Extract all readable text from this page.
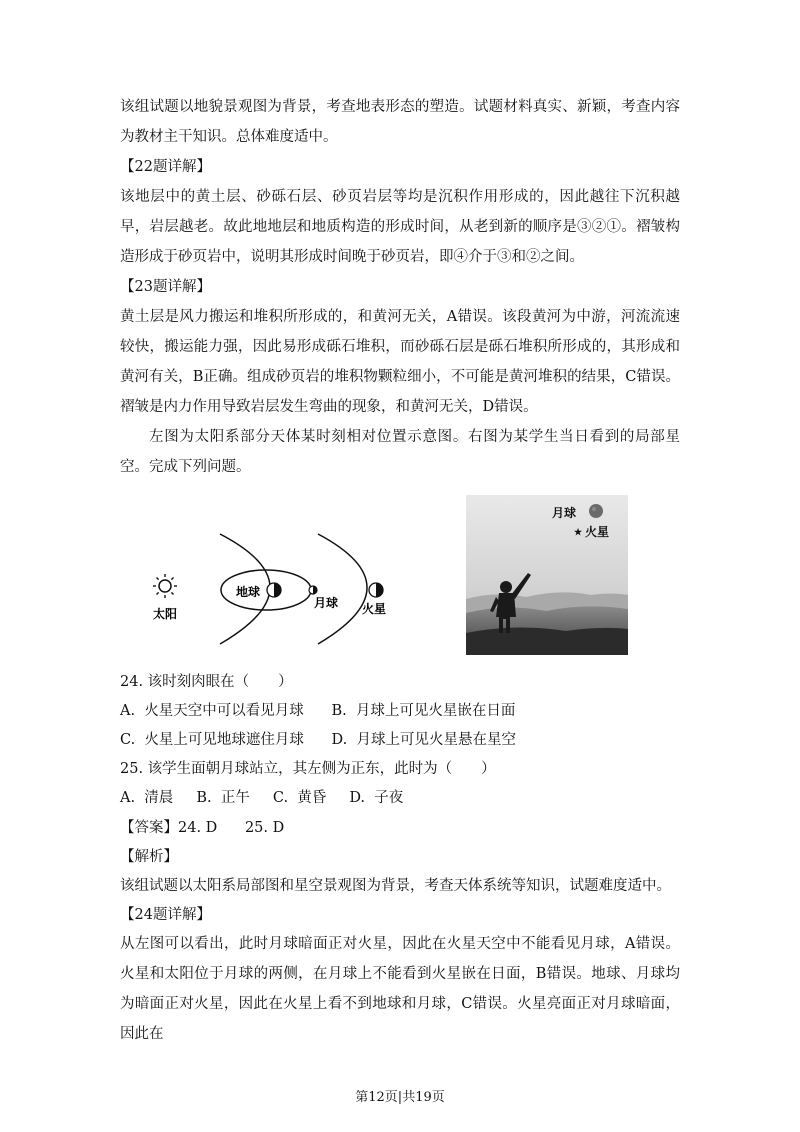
该组试题以地貌景观图为背景，考查地表形态的塑造。试题材料真实、新颖，考查内容为教材主干知识。总体难度适中。
【22题详解】
该地层中的黄土层、砂砾石层、砂页岩层等均是沉积作用形成的，因此越往下沉积越早，岩层越老。故此地地层和地质构造的形成时间，从老到新的顺序是③②①。褶皱构造形成于砂页岩中，说明其形成时间晚于砂页岩，即④介于③和②之间。
【23题详解】
黄土层是风力搬运和堆积所形成的，和黄河无关，A错误。该段黄河为中游，河流流速较快，搬运能力强，因此易形成砾石堆积，而砂砾石层是砾石堆积所形成的，其形成和黄河有关，B正确。组成砂页岩的堆积物颗粒细小，不可能是黄河堆积的结果，C错误。褶皱是内力作用导致岩层发生弯曲的现象，和黄河无关，D错误。
左图为太阳系部分天体某时刻相对位置示意图。右图为某学生当日看到的局部星空。完成下列问题。
太阳
地球
月球 火星
月球
★ 火星
24. 该时刻肉眼在（　　）
A.  火星天空中可以看见月球      B.  月球上可见火星嵌在日面
C.  火星上可见地球遮住月球      D.  月球上可见火星悬在星空
25. 该学生面朝月球站立，其左侧为正东，此时为（　　）
A.  清晨     B.  正午     C.  黄昏     D.  子夜
【答案】24. D      25. D
【解析】
该组试题以太阳系局部图和星空景观图为背景，考查天体系统等知识，试题难度适中。
【24题详解】
从左图可以看出，此时月球暗面正对火星，因此在火星天空中不能看见月球，A错误。火星和太阳位于月球的两侧，在月球上不能看到火星嵌在日面，B错误。地球、月球均为暗面正对火星，因此在火星上看不到地球和月球，C错误。火星亮面正对月球暗面，因此在
第12页|共19页
